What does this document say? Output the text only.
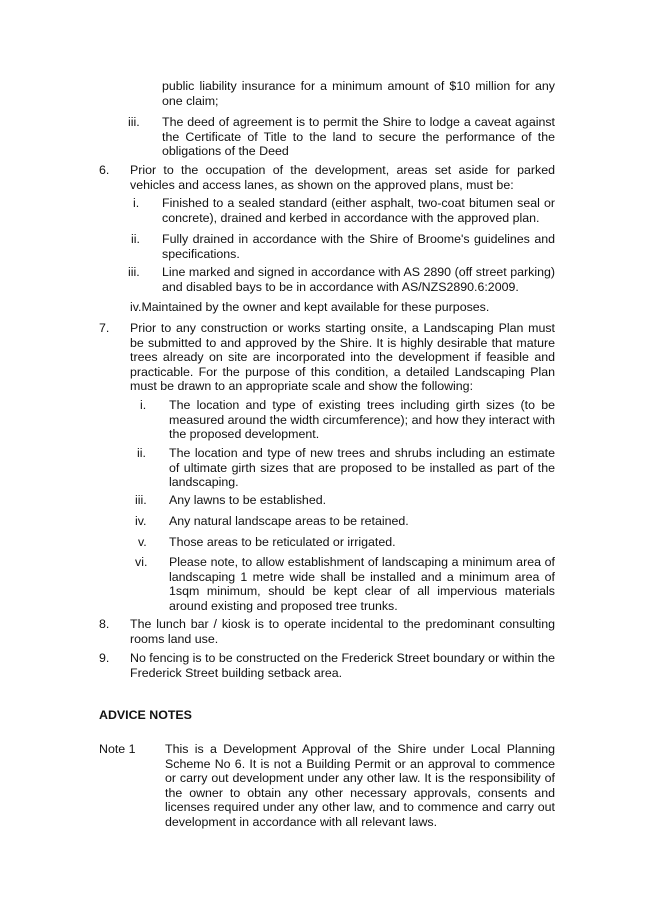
public liability insurance for a minimum amount of $10 million for any one claim;
iii. The deed of agreement is to permit the Shire to lodge a caveat against the Certificate of Title to the land to secure the performance of the obligations of the Deed
6. Prior to the occupation of the development, areas set aside for parked vehicles and access lanes, as shown on the approved plans, must be:
i. Finished to a sealed standard (either asphalt, two-coat bitumen seal or concrete), drained and kerbed in accordance with the approved plan.
ii. Fully drained in accordance with the Shire of Broome's guidelines and specifications.
iii. Line marked and signed in accordance with AS 2890 (off street parking) and disabled bays to be in accordance with AS/NZS2890.6:2009.
iv.Maintained by the owner and kept available for these purposes.
7. Prior to any construction or works starting onsite, a Landscaping Plan must be submitted to and approved by the Shire. It is highly desirable that mature trees already on site are incorporated into the development if feasible and practicable. For the purpose of this condition, a detailed Landscaping Plan must be drawn to an appropriate scale and show the following:
i. The location and type of existing trees including girth sizes (to be measured around the width circumference); and how they interact with the proposed development.
ii. The location and type of new trees and shrubs including an estimate of ultimate girth sizes that are proposed to be installed as part of the landscaping.
iii. Any lawns to be established.
iv. Any natural landscape areas to be retained.
v. Those areas to be reticulated or irrigated.
vi. Please note, to allow establishment of landscaping a minimum area of landscaping 1 metre wide shall be installed and a minimum area of 1sqm minimum, should be kept clear of all impervious materials around existing and proposed tree trunks.
8. The lunch bar / kiosk is to operate incidental to the predominant consulting rooms land use.
9. No fencing is to be constructed on the Frederick Street boundary or within the Frederick Street building setback area.
ADVICE NOTES
Note 1 This is a Development Approval of the Shire under Local Planning Scheme No 6. It is not a Building Permit or an approval to commence or carry out development under any other law. It is the responsibility of the owner to obtain any other necessary approvals, consents and licenses required under any other law, and to commence and carry out development in accordance with all relevant laws.
